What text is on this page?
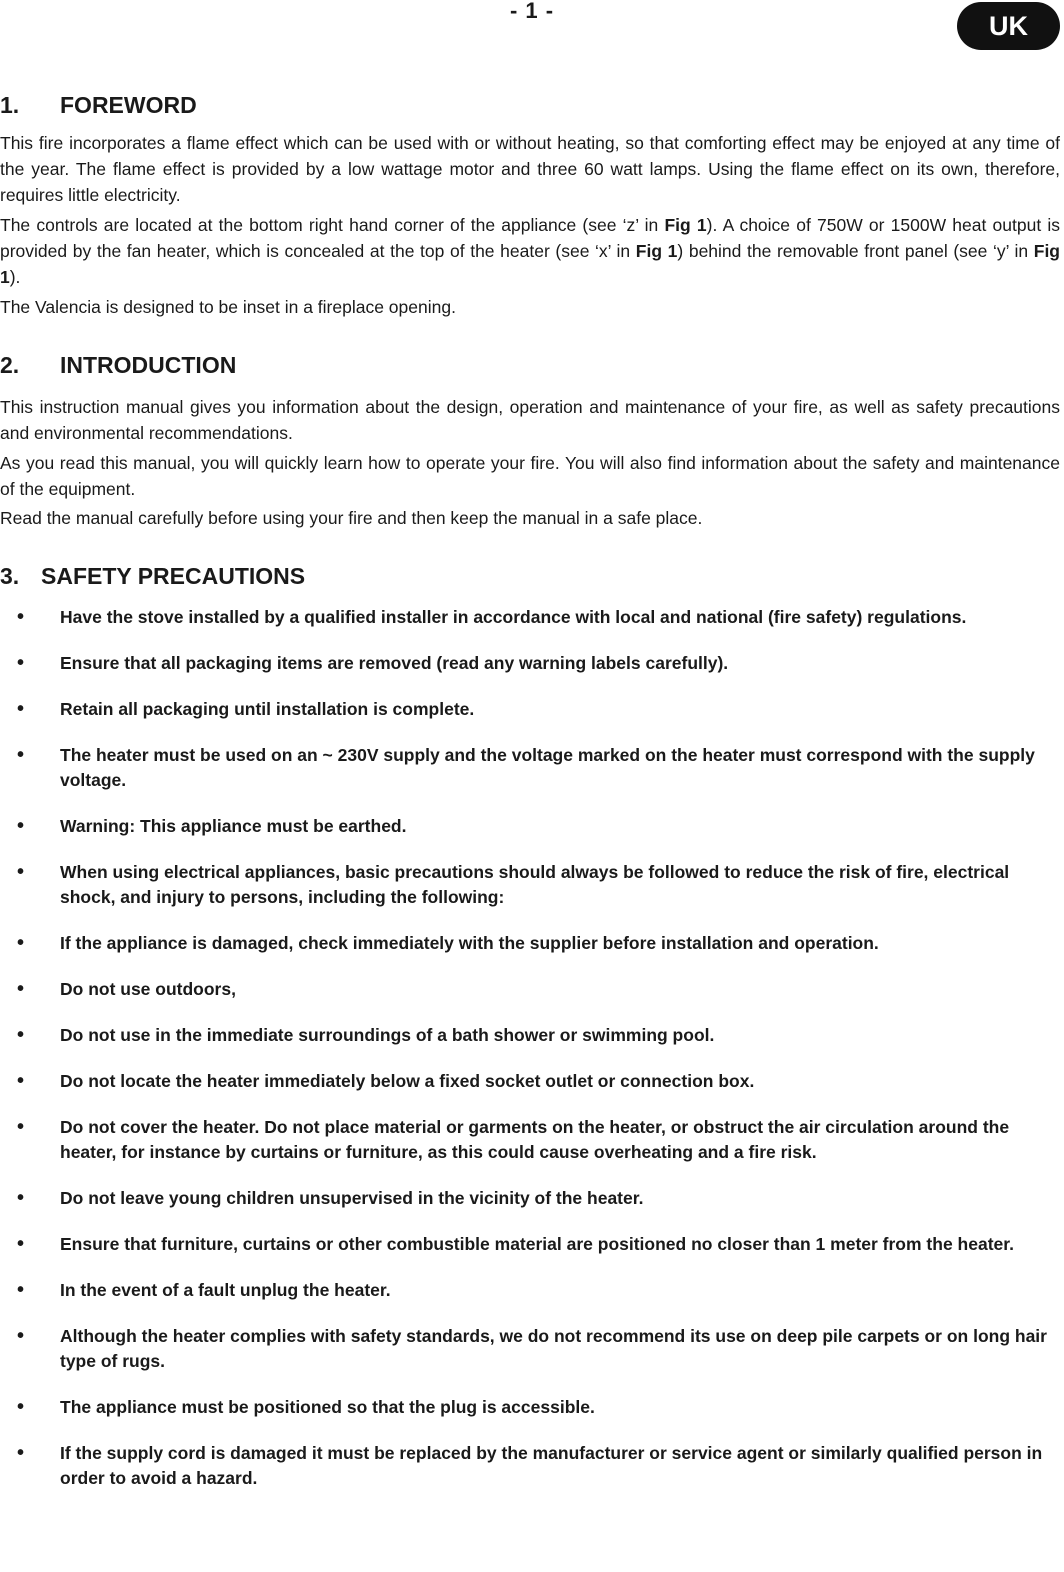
- 1 -
UK
1. FOREWORD

This fire incorporates a flame effect which can be used with or without heating, so that comforting effect may be enjoyed at any time of the year. The flame effect is provided by a low wattage motor and three 60 watt lamps. Using the flame effect on its own, therefore, requires little electricity.

The controls are located at the bottom right hand corner of the appliance (see ‘z’ in Fig 1). A choice of 750W or 1500W heat output is provided by the fan heater, which is concealed at the top of the heater (see ‘x’ in Fig 1) behind the removable front panel (see ‘y’ in Fig 1).

The Valencia is designed to be inset in a fireplace opening.

2. INTRODUCTION

This instruction manual gives you information about the design, operation and maintenance of your fire, as well as safety precautions and environmental recommendations.

As you read this manual, you will quickly learn how to operate your fire. You will also find information about the safety and maintenance of the equipment.

Read the manual carefully before using your fire and then keep the manual in a safe place.

3. SAFETY PRECAUTIONS
• Have the stove installed by a qualified installer in accordance with local and national (fire safety) regulations.
• Ensure that all packaging items are removed (read any warning labels carefully).
• Retain all packaging until installation is complete.
• The heater must be used on an ~ 230V supply and the voltage marked on the heater must correspond with the supply voltage.
• Warning: This appliance must be earthed.
• When using electrical appliances, basic precautions should always be followed to reduce the risk of fire, electrical shock, and injury to persons, including the following:
• If the appliance is damaged, check immediately with the supplier before installation and operation.
• Do not use outdoors,
• Do not use in the immediate surroundings of a bath shower or swimming pool.
• Do not locate the heater immediately below a fixed socket outlet or connection box.
• Do not cover the heater. Do not place material or garments on the heater, or obstruct the air circulation around the heater, for instance by curtains or furniture, as this could cause overheating and a fire risk.
• Do not leave young children unsupervised in the vicinity of the heater.
• Ensure that furniture, curtains or other combustible material are positioned no closer than 1 meter from the heater.
• In the event of a fault unplug the heater.
• Although the heater complies with safety standards, we do not recommend its use on deep pile carpets or on long hair type of rugs.
• The appliance must be positioned so that the plug is accessible.
• If the supply cord is damaged it must be replaced by the manufacturer or service agent or similarly qualified person in order to avoid a hazard.
